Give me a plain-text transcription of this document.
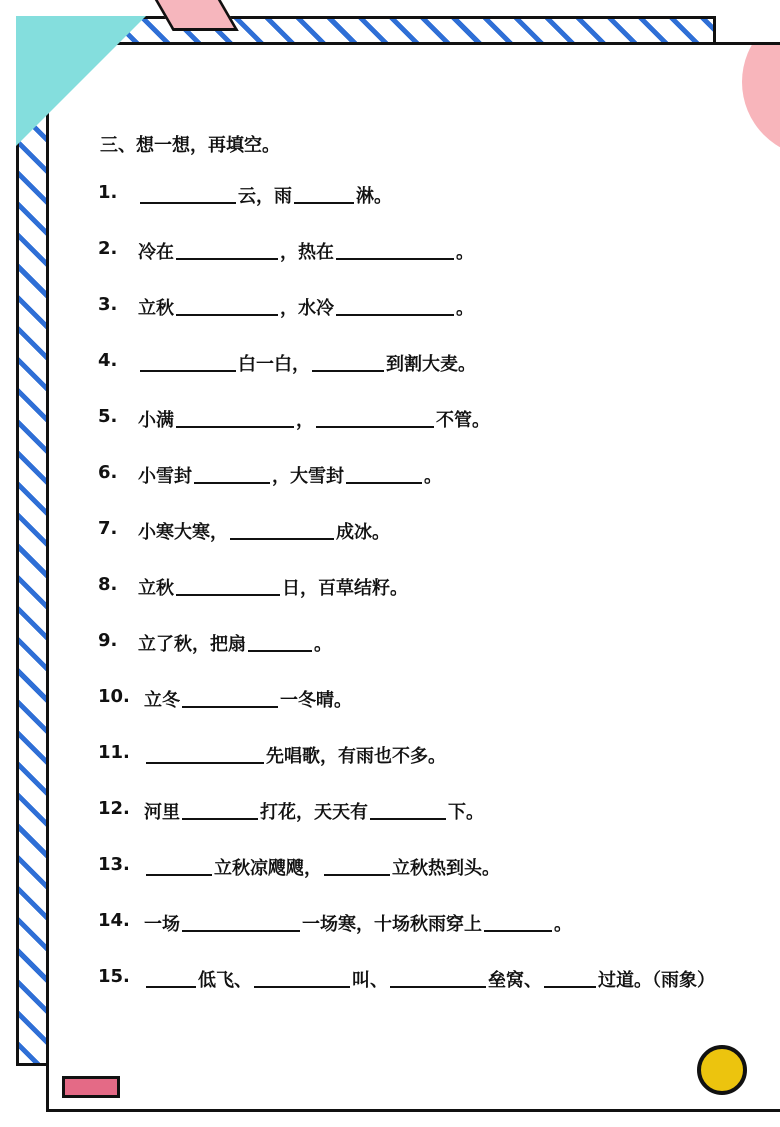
三、想一想，再填空。
1.	云，雨	淋。
2.	冷在	，热在	。
3.	立秋	，水冷	。
4.	白一白，	到割大麦。
5.	小满	，	不管。
6.	小雪封	，大雪封	。
7.	小寒大寒，	成冰。
8.	立秋	日，百草结籽。
9.	立了秋，把扇	。
10. 立冬	一冬晴。
11.	先唱歌，有雨也不多。
12. 河里	打花，天天有	下。
13.	立秋凉飕飕，	立秋热到头。
14. 一场	一场寒，十场秋雨穿上	。
15.	低飞、	叫、	垒窝、	过道。（雨象）
